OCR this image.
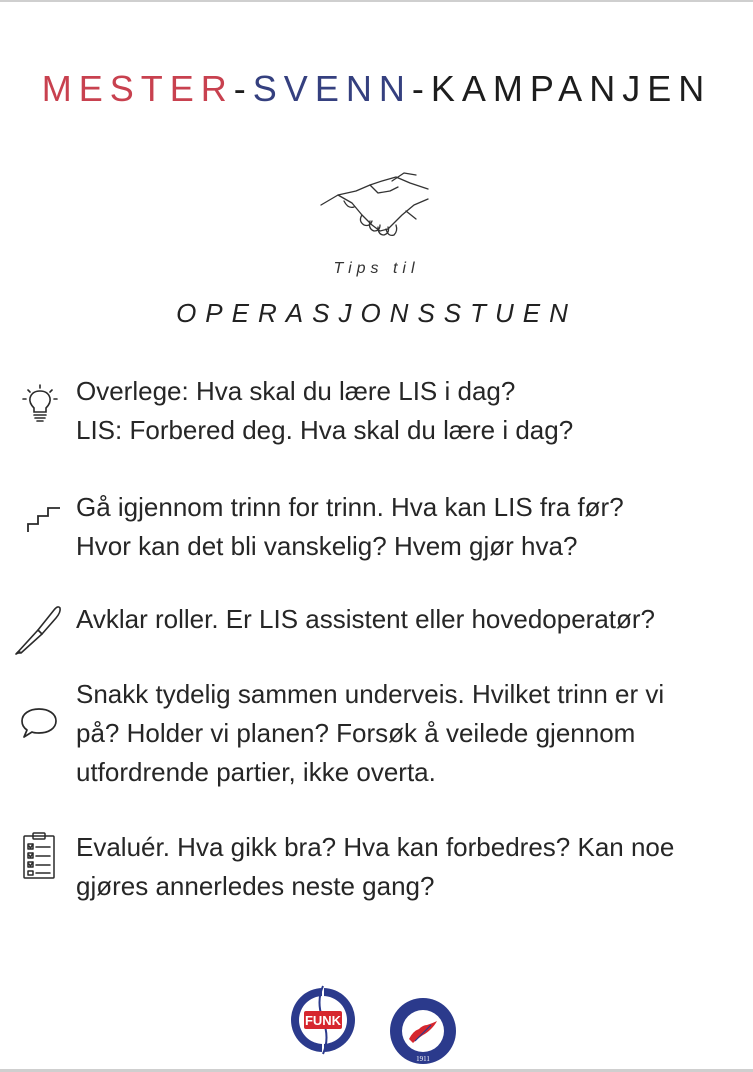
MESTER-SVENN-KAMPANJEN
Tips til
OPERASJONSSTUEN

Overlege: Hva skal du lære LIS i dag?

LIS: Forbered deg. Hva skal du lære i dag?

Gå igjennom trinn for trinn. Hva kan LIS fra før?

Hvor kan det bli vanskelig? Hvem gjør hva?

Avklar roller. Er LIS assistent eller hovedoperatør?

Snakk tydelig sammen underveis. Hvilket trinn er vi

på? Holder vi planen? Forsøk å veilede gjennom

utfordrende partier, ikke overta.

Evaluér. Hva gikk bra? Hva kan forbedres? Kan noe

gjøres annerledes neste gang?

FUNK
1911
